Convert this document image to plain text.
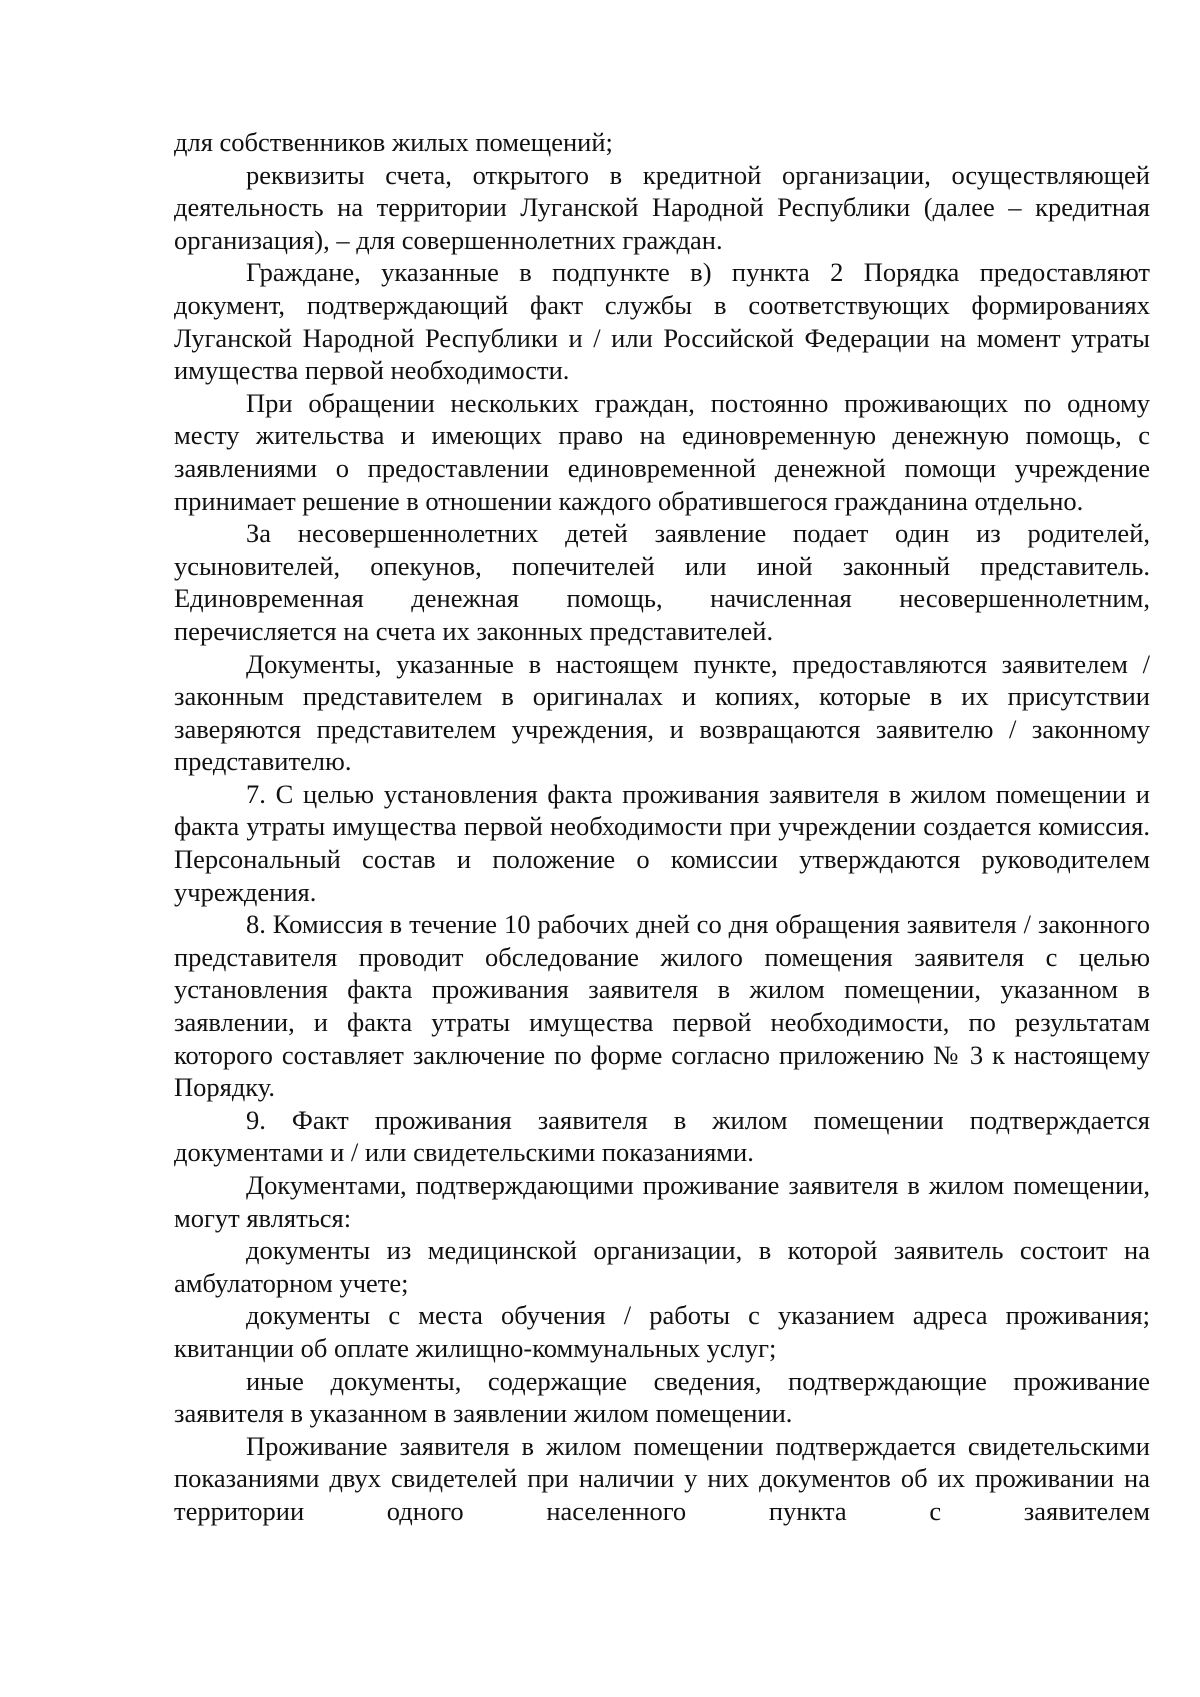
для собственников жилых помещений;

реквизиты счета, открытого в кредитной организации, осуществляющей деятельность на территории Луганской Народной Республики (далее – кредитная организация), – для совершеннолетних граждан.

Граждане, указанные в подпункте в) пункта 2 Порядка предоставляют документ, подтверждающий факт службы в соответствующих формированиях Луганской Народной Республики и / или Российской Федерации на момент утраты имущества первой необходимости.

При обращении нескольких граждан, постоянно проживающих по одному месту жительства и имеющих право на единовременную денежную помощь, с заявлениями о предоставлении единовременной денежной помощи учреждение принимает решение в отношении каждого обратившегося гражданина отдельно.

За несовершеннолетних детей заявление подает один из родителей, усыновителей, опекунов, попечителей или иной законный представитель. Единовременная денежная помощь, начисленная несовершеннолетним, перечисляется на счета их законных представителей.

Документы, указанные в настоящем пункте, предоставляются заявителем / законным представителем в оригиналах и копиях, которые в их присутствии заверяются представителем учреждения, и возвращаются заявителю / законному представителю.

7. С целью установления факта проживания заявителя в жилом помещении и факта утраты имущества первой необходимости при учреждении создается комиссия. Персональный состав и положение о комиссии утверждаются руководителем учреждения.

8. Комиссия в течение 10 рабочих дней со дня обращения заявителя / законного представителя проводит обследование жилого помещения заявителя с целью установления факта проживания заявителя в жилом помещении, указанном в заявлении, и факта утраты имущества первой необходимости, по результатам которого составляет заключение по форме согласно приложению № 3 к настоящему Порядку.

9. Факт проживания заявителя в жилом помещении подтверждается документами и / или свидетельскими показаниями.

Документами, подтверждающими проживание заявителя в жилом помещении, могут являться:

документы из медицинской организации, в которой заявитель состоит на амбулаторном учете;

документы с места обучения / работы с указанием адреса проживания; квитанции об оплате жилищно-коммунальных услуг;

иные документы, содержащие сведения, подтверждающие проживание заявителя в указанном в заявлении жилом помещении.

Проживание заявителя в жилом помещении подтверждается свидетельскими показаниями двух свидетелей при наличии у них документов об их проживании на территории одного населенного пункта с заявителем
